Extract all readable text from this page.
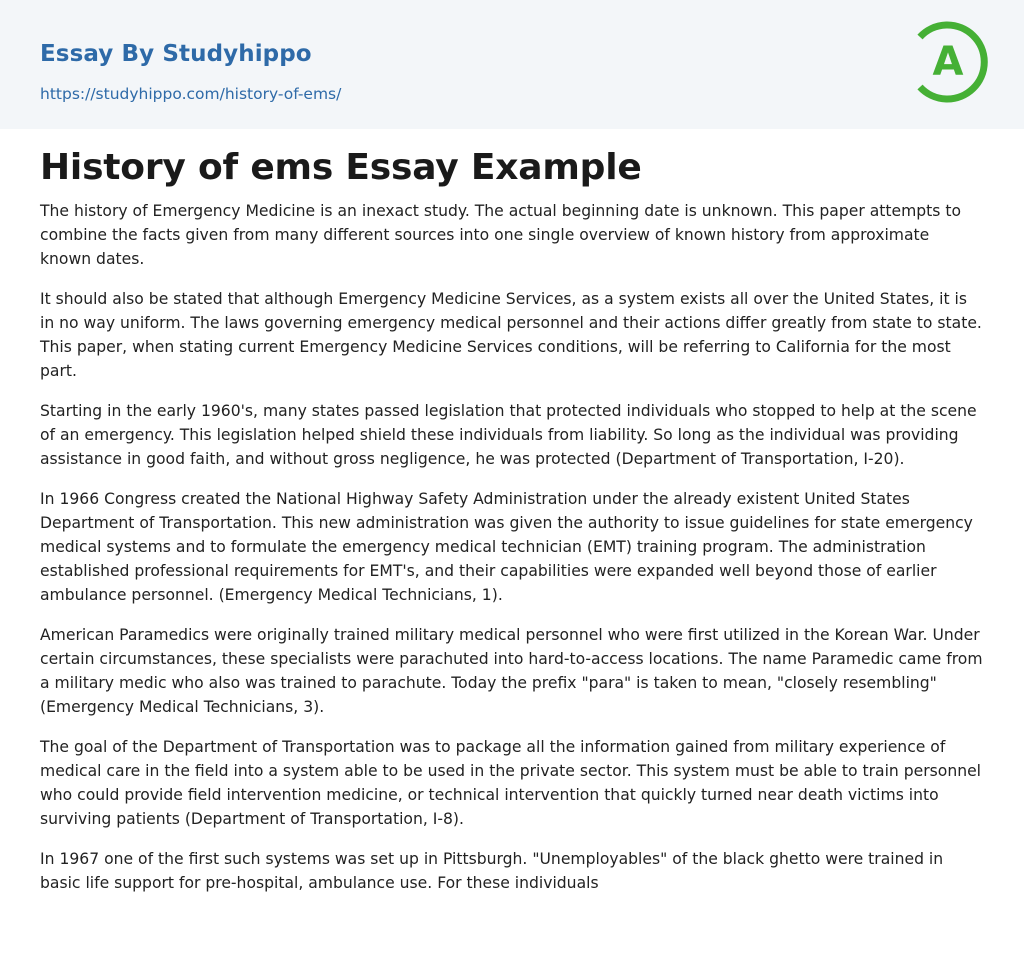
Essay By Studyhippo
https://studyhippo.com/history-of-ems/
A
History of ems Essay Example

The history of Emergency Medicine is an inexact study. The actual beginning date is unknown. This paper attempts to combine the facts given from many different sources into one single overview of known history from approximate known dates.

It should also be stated that although Emergency Medicine Services, as a system exists all over the United States, it is in no way uniform. The laws governing emergency medical personnel and their actions differ greatly from state to state. This paper, when stating current Emergency Medicine Services conditions, will be referring to California for the most part.

Starting in the early 1960's, many states passed legislation that protected individuals who stopped to help at the scene of an emergency. This legislation helped shield these individuals from liability. So long as the individual was providing assistance in good faith, and without gross negligence, he was protected (Department of Transportation, I-20).

In 1966 Congress created the National Highway Safety Administration under the already existent United States Department of Transportation. This new administration was given the authority to issue guidelines for state emergency medical systems and to formulate the emergency medical technician (EMT) training program. The administration established professional requirements for EMT's, and their capabilities were expanded well beyond those of earlier ambulance personnel. (Emergency Medical Technicians, 1).

American Paramedics were originally trained military medical personnel who were first utilized in the Korean War. Under certain circumstances, these specialists were parachuted into hard-to-access locations. The name Paramedic came from a military medic who also was trained to parachute. Today the prefix "para" is taken to mean, "closely resembling" (Emergency Medical Technicians, 3).

The goal of the Department of Transportation was to package all the information gained from military experience of medical care in the field into a system able to be used in the private sector. This system must be able to train personnel who could provide field intervention medicine, or technical intervention that quickly turned near death victims into surviving patients (Department of Transportation, I-8).

In 1967 one of the first such systems was set up in Pittsburgh. "Unemployables" of the black ghetto were trained in basic life support for pre-hospital, ambulance use. For these individuals
